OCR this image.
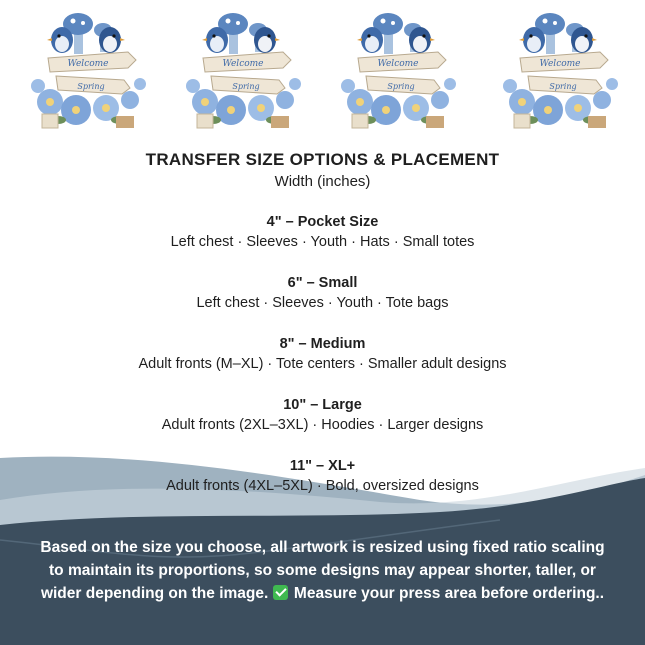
TRANSFER SIZE OPTIONS & PLACEMENT
Width (inches)
4" – Pocket Size
Left chest · Sleeves · Youth · Hats · Small totes
6" – Small
Left chest · Sleeves · Youth · Tote bags
8" – Medium
Adult fronts (M–XL) · Tote centers · Smaller adult designs
10" – Large
Adult fronts (2XL–3XL) · Hoodies · Larger designs
11" – XL+
Adult fronts (4XL–5XL) · Bold, oversized designs
Based on the size you choose, all artwork is resized using fixed ratio scaling to maintain its proportions, so some designs may appear shorter, taller, or wider depending on the image. Measure your press area before ordering..
